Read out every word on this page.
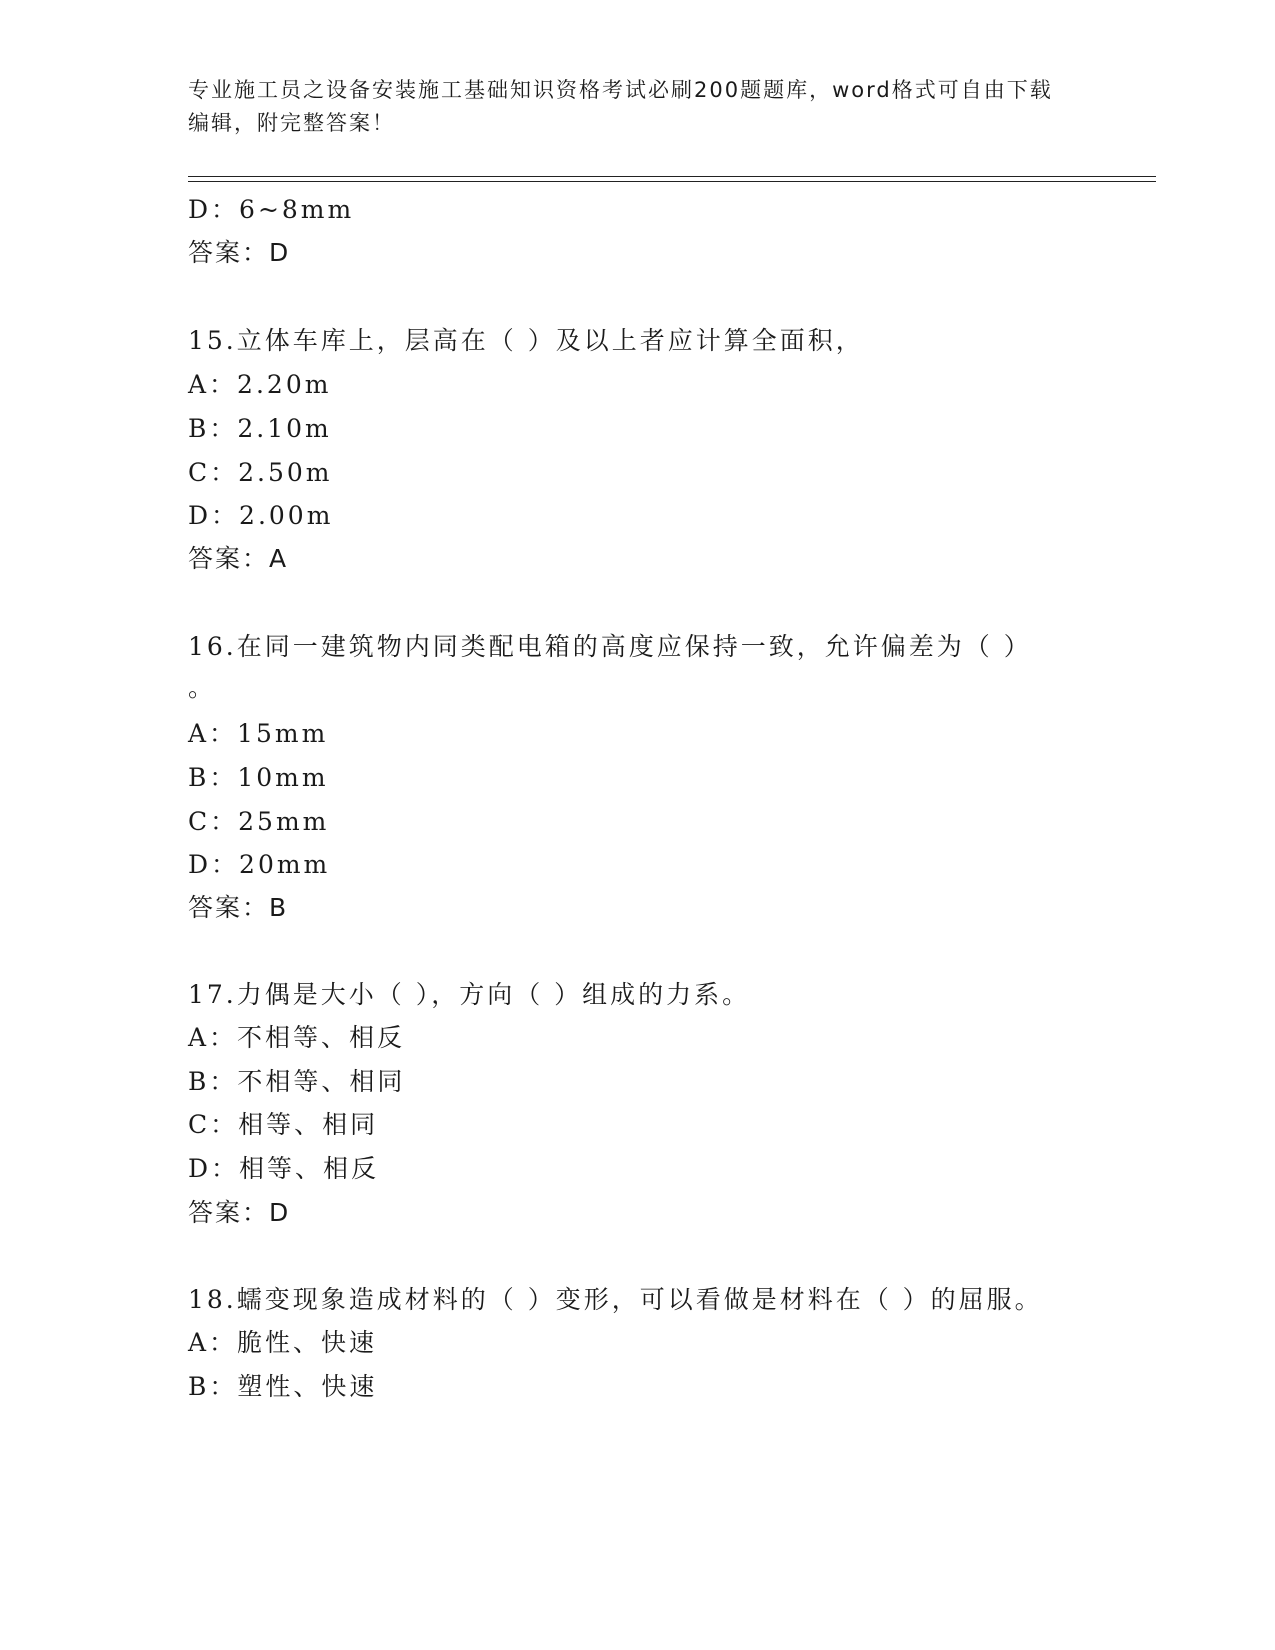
专业施工员之设备安装施工基础知识资格考试必刷200题题库，word格式可自由下载编辑，附完整答案！
D：6~8mm
答案：D
15.立体车库上，层高在（ ）及以上者应计算全面积，
A：2.20m
B：2.10m
C：2.50m
D：2.00m
答案：A
16.在同一建筑物内同类配电箱的高度应保持一致，允许偏差为（ ）
。
A：15mm
B：10mm
C：25mm
D：20mm
答案：B
17.力偶是大小（ ），方向（ ）组成的力系。
A：不相等、相反
B：不相等、相同
C：相等、相同
D：相等、相反
答案：D
18.蠕变现象造成材料的（ ）变形，可以看做是材料在（ ）的屈服。
A：脆性、快速
B：塑性、快速
